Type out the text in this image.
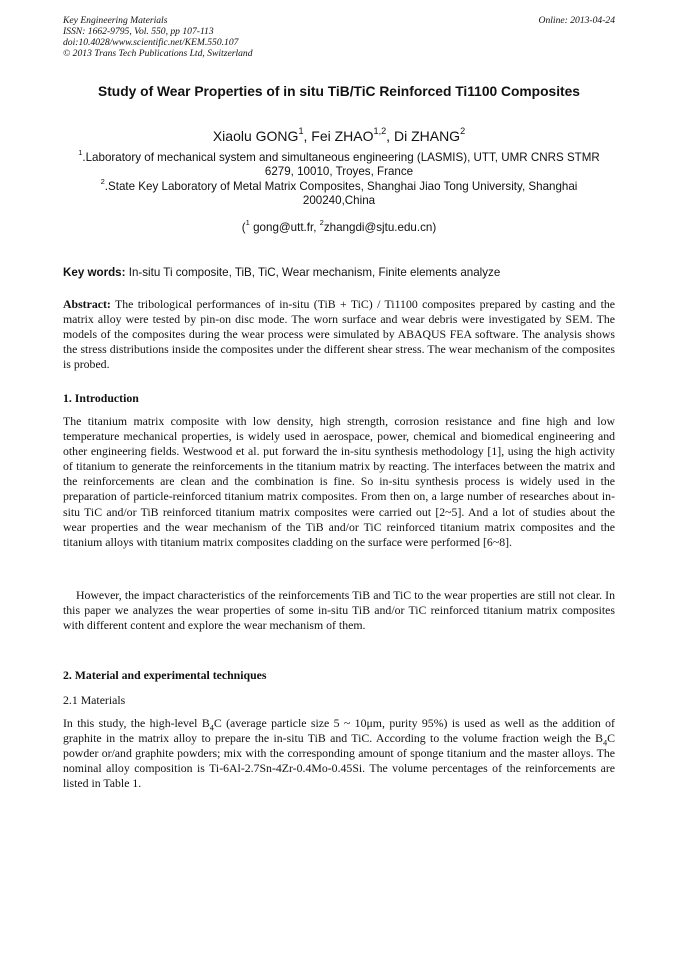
Key Engineering Materials
ISSN: 1662-9795, Vol. 550, pp 107-113
doi:10.4028/www.scientific.net/KEM.550.107
© 2013 Trans Tech Publications Ltd, Switzerland
Online: 2013-04-24
Study of Wear Properties of in situ TiB/TiC Reinforced Ti1100 Composites
Xiaolu GONG$^1$, Fei ZHAO$^{1,2}$, Di ZHANG$^2$
$^1$.Laboratory of mechanical system and simultaneous engineering (LASMIS), UTT, UMR CNRS STMR 6279, 10010, Troyes, France
$^2$.State Key Laboratory of Metal Matrix Composites, Shanghai Jiao Tong University, Shanghai 200240,China
($^1$ gong@utt.fr, $^2$zhangdi@sjtu.edu.cn)
Key words: In-situ Ti composite, TiB, TiC, Wear mechanism, Finite elements analyze
Abstract: The tribological performances of in-situ (TiB + TiC) / Ti1100 composites prepared by casting and the matrix alloy were tested by pin-on disc mode. The worn surface and wear debris were investigated by SEM. The models of the composites during the wear process were simulated by ABAQUS FEA software. The analysis shows the stress distributions inside the composites under the different shear stress. The wear mechanism of the composites is probed.
1. Introduction
The titanium matrix composite with low density, high strength, corrosion resistance and fine high and low temperature mechanical properties, is widely used in aerospace, power, chemical and biomedical engineering and other engineering fields. Westwood et al. put forward the in-situ synthesis methodology [1], using the high activity of titanium to generate the reinforcements in the titanium matrix by reacting. The interfaces between the matrix and the reinforcements are clean and the combination is fine. So in-situ synthesis process is widely used in the preparation of particle-reinforced titanium matrix composites. From then on, a large number of researches about in-situ TiC and/or TiB reinforced titanium matrix composites were carried out [2~5]. And a lot of studies about the wear properties and the wear mechanism of the TiB and/or TiC reinforced titanium matrix composites and the titanium alloys with titanium matrix composites cladding on the surface were performed [6~8].
However, the impact characteristics of the reinforcements TiB and TiC to the wear properties are still not clear. In this paper we analyzes the wear properties of some in-situ TiB and/or TiC reinforced titanium matrix composites with different content and explore the wear mechanism of them.
2. Material and experimental techniques
2.1 Materials
In this study, the high-level $B_4C$ (average particle size 5 ~ 10μm, purity 95%) is used as well as the addition of graphite in the matrix alloy to prepare the in-situ TiB and TiC. According to the volume fraction weigh the $B_4C$ powder or/and graphite powders; mix with the corresponding amount of sponge titanium and the master alloys. The nominal alloy composition is Ti-6Al-2.7Sn-4Zr-0.4Mo-0.45Si. The volume percentages of the reinforcements are listed in Table 1.
